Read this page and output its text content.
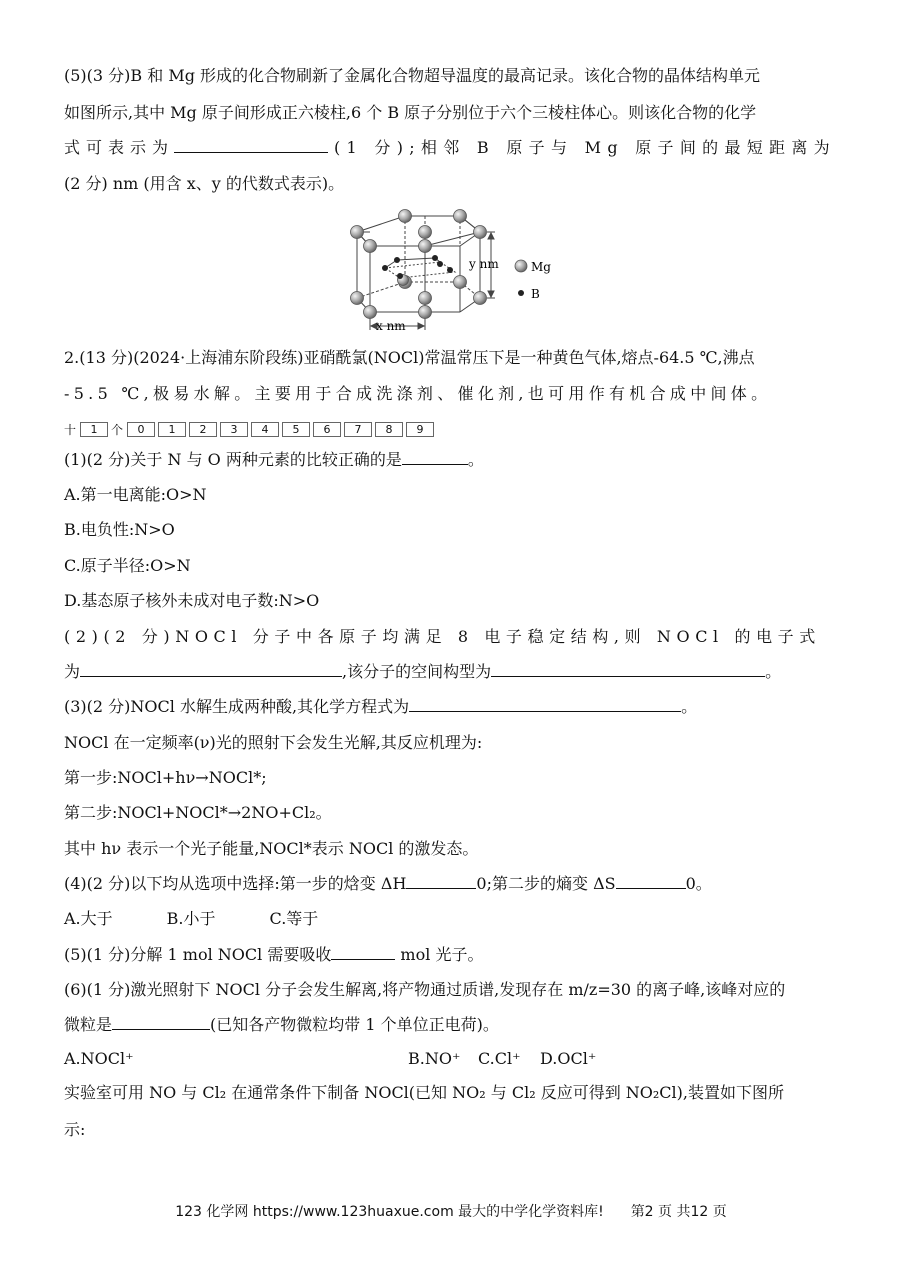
(5)(3 分)B 和 Mg 形成的化合物刷新了金属化合物超导温度的最高记录。该化合物的晶体结构单元
如图所示,其中 Mg 原子间形成正六棱柱,6 个 B 原子分别位于六个三棱柱体心。则该化合物的化学
式 可 表 示 为	(1 分);相邻 B 原子与 Mg 原子间的最短距离为
(2 分) nm (用含 x、y 的代数式表示)。
y nm
x nm
Mg
B
2.(13 分)(2024·上海浦东阶段练)亚硝酰氯(NOCl)常温常压下是一种黄色气体,熔点-64.5 ℃,沸点
-5.5 ℃,极易水解。主要用于合成洗涤剂、催化剂,也可用作有机合成中间体。
十	1	个	0	1	2	3	4	5	6	7	8	9
(1)(2 分)关于 N 与 O 两种元素的比较正确的是	。
A.第一电离能:O>N
B.电负性:N>O
C.原子半径:O>N
D.基态原子核外未成对电子数:N>O
(2)(2 分)NOCl 分子中各原子均满足 8 电子稳定结构,则 NOCl 的电子式
为	,该分子的空间构型为	。
(3)(2 分)NOCl 水解生成两种酸,其化学方程式为	。
NOCl 在一定频率(ν)光的照射下会发生光解,其反应机理为:
第一步:NOCl+hν→NOCl*;
第二步:NOCl+NOCl*→2NO+Cl₂。
其中 hν 表示一个光子能量,NOCl*表示 NOCl 的激发态。
(4)(2 分)以下均从选项中选择:第一步的焓变 ΔH	0;第二步的熵变 ΔS	0。
A.大于	B.小于	C.等于
(5)(1 分)分解 1 mol NOCl 需要吸收	mol 光子。
(6)(1 分)激光照射下 NOCl 分子会发生解离,将产物通过质谱,发现存在 m/z=30 的离子峰,该峰对应的
微粒是	(已知各产物微粒均带 1 个单位正电荷)。
A.NOCl⁺	B.NO⁺ C.Cl⁺ D.OCl⁺
实验室可用 NO 与 Cl₂ 在通常条件下制备 NOCl(已知 NO₂ 与 Cl₂ 反应可得到 NO₂Cl),装置如下图所
示:
123 化学网 https://www.123huaxue.com 最大的中学化学资料库! 第2 页 共12 页
